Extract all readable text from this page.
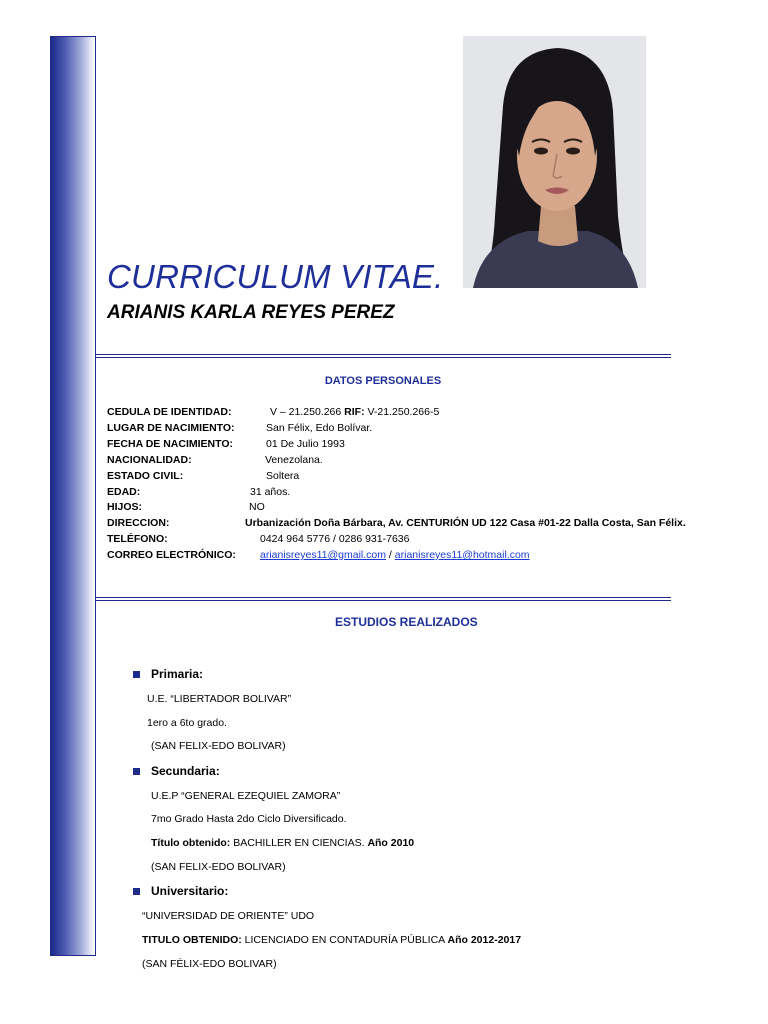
CURRICULUM VITAE.
ARIANIS KARLA REYES PEREZ
DATOS PERSONALES
CEDULA DE IDENTIDAD:	V – 21.250.266 RIF: V-21.250.266-5
LUGAR DE NACIMIENTO:	San Félix, Edo Bolívar.
FECHA DE NACIMIENTO:	01 De Julio 1993
NACIONALIDAD:	Venezolana.
ESTADO CIVIL:	Soltera
EDAD:	31 años.
HIJOS:	NO
DIRECCION:	Urbanización Doña Bárbara, Av. CENTURIÓN UD 122 Casa #01-22 Dalla Costa, San Félix.
TELÉFONO:	0424 964 5776 / 0286 931-7636
CORREO ELECTRÓNICO: arianisreyes11@gmail.com / arianisreyes11@hotmail.com
ESTUDIOS REALIZADOS
Primaria:
U.E. “LIBERTADOR BOLIVAR”
1ero a 6to grado.
(SAN FELIX-EDO BOLIVAR)
Secundaria:
U.E.P “GENERAL EZEQUIEL ZAMORA”
7mo Grado Hasta 2do Ciclo Diversificado.
Título obtenido: BACHILLER EN CIENCIAS. Año 2010
(SAN FELIX-EDO BOLIVAR)
Universitario:
“UNIVERSIDAD DE ORIENTE” UDO
TITULO OBTENIDO: LICENCIADO EN CONTADURÍA PÚBLICA Año 2012-2017
(SAN FÉLIX-EDO BOLIVAR)
